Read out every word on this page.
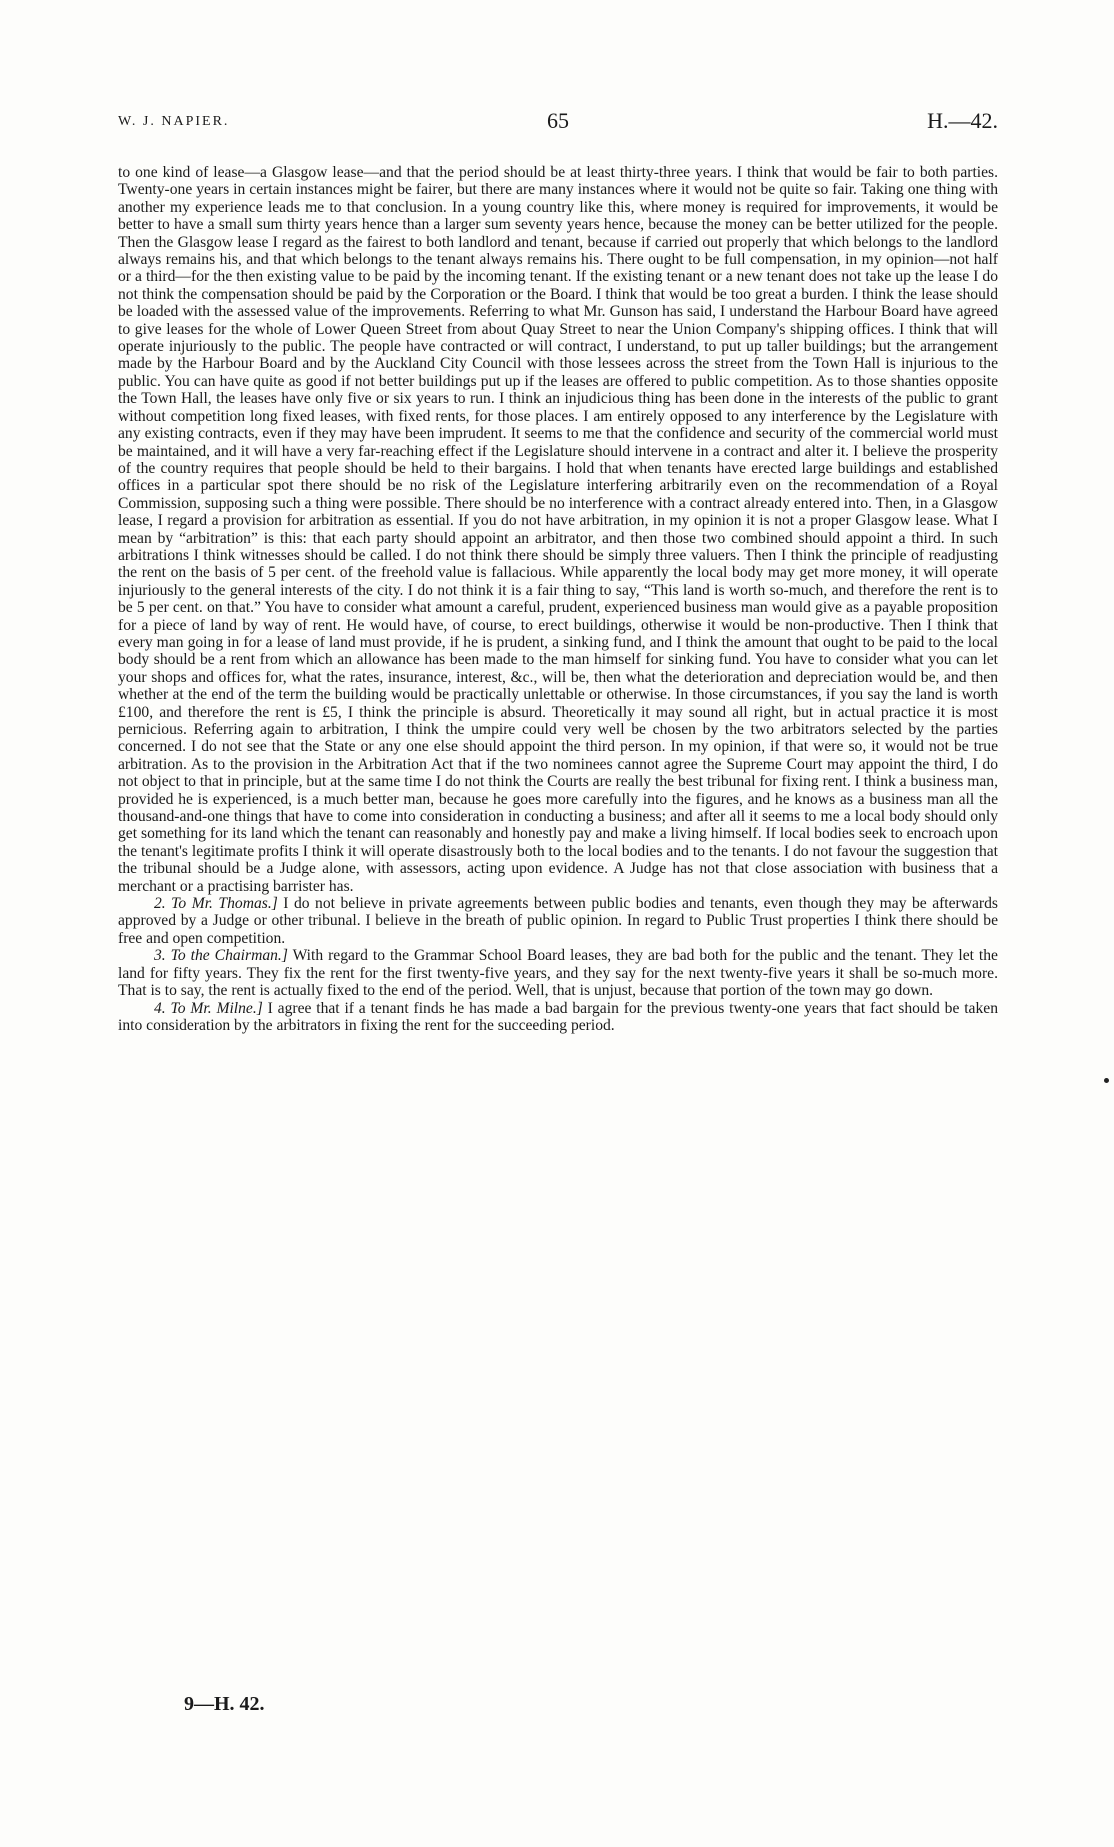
W. J. NAPIER.	65	H.—42.

to one kind of lease—a Glasgow lease—and that the period should be at least thirty-three years. I think that would be fair to both parties. Twenty-one years in certain instances might be fairer, but there are many instances where it would not be quite so fair. Taking one thing with another my experience leads me to that conclusion. In a young country like this, where money is required for improvements, it would be better to have a small sum thirty years hence than a larger sum seventy years hence, because the money can be better utilized for the people. Then the Glasgow lease I regard as the fairest to both landlord and tenant, because if carried out properly that which belongs to the landlord always remains his, and that which belongs to the tenant always remains his. There ought to be full compensation, in my opinion—not half or a third—for the then existing value to be paid by the incoming tenant. If the existing tenant or a new tenant does not take up the lease I do not think the compensation should be paid by the Corporation or the Board. I think that would be too great a burden. I think the lease should be loaded with the assessed value of the improvements. Referring to what Mr. Gunson has said, I understand the Harbour Board have agreed to give leases for the whole of Lower Queen Street from about Quay Street to near the Union Company's shipping offices. I think that will operate injuriously to the public. The people have contracted or will contract, I understand, to put up taller buildings; but the arrangement made by the Harbour Board and by the Auckland City Council with those lessees across the street from the Town Hall is injurious to the public. You can have quite as good if not better buildings put up if the leases are offered to public competition. As to those shanties opposite the Town Hall, the leases have only five or six years to run. I think an injudicious thing has been done in the interests of the public to grant without competition long fixed leases, with fixed rents, for those places. I am entirely opposed to any interference by the Legislature with any existing contracts, even if they may have been imprudent. It seems to me that the confidence and security of the commercial world must be maintained, and it will have a very far-reaching effect if the Legislature should intervene in a contract and alter it. I believe the prosperity of the country requires that people should be held to their bargains. I hold that when tenants have erected large buildings and established offices in a particular spot there should be no risk of the Legislature interfering arbitrarily even on the recommendation of a Royal Commission, supposing such a thing were possible. There should be no interference with a contract already entered into. Then, in a Glasgow lease, I regard a provision for arbitration as essential. If you do not have arbitration, in my opinion it is not a proper Glasgow lease. What I mean by “arbitration” is this: that each party should appoint an arbitrator, and then those two combined should appoint a third. In such arbitrations I think witnesses should be called. I do not think there should be simply three valuers. Then I think the principle of readjusting the rent on the basis of 5 per cent. of the freehold value is fallacious. While apparently the local body may get more money, it will operate injuriously to the general interests of the city. I do not think it is a fair thing to say, “This land is worth so-much, and therefore the rent is to be 5 per cent. on that.” You have to consider what amount a careful, prudent, experienced business man would give as a payable proposition for a piece of land by way of rent. He would have, of course, to erect buildings, otherwise it would be non-productive. Then I think that every man going in for a lease of land must provide, if he is prudent, a sinking fund, and I think the amount that ought to be paid to the local body should be a rent from which an allowance has been made to the man himself for sinking fund. You have to consider what you can let your shops and offices for, what the rates, insurance, interest, &c., will be, then what the deterioration and depreciation would be, and then whether at the end of the term the building would be practically unlettable or otherwise. In those circumstances, if you say the land is worth £100, and therefore the rent is £5, I think the principle is absurd. Theoretically it may sound all right, but in actual practice it is most pernicious. Referring again to arbitration, I think the umpire could very well be chosen by the two arbitrators selected by the parties concerned. I do not see that the State or any one else should appoint the third person. In my opinion, if that were so, it would not be true arbitration. As to the provision in the Arbitration Act that if the two nominees cannot agree the Supreme Court may appoint the third, I do not object to that in principle, but at the same time I do not think the Courts are really the best tribunal for fixing rent. I think a business man, provided he is experienced, is a much better man, because he goes more carefully into the figures, and he knows as a business man all the thousand-and-one things that have to come into consideration in conducting a business; and after all it seems to me a local body should only get something for its land which the tenant can reasonably and honestly pay and make a living himself. If local bodies seek to encroach upon the tenant's legitimate profits I think it will operate disastrously both to the local bodies and to the tenants. I do not favour the suggestion that the tribunal should be a Judge alone, with assessors, acting upon evidence. A Judge has not that close association with business that a merchant or a practising barrister has.

2. To Mr. Thomas.] I do not believe in private agreements between public bodies and tenants, even though they may be afterwards approved by a Judge or other tribunal. I believe in the breath of public opinion. In regard to Public Trust properties I think there should be free and open competition.

3. To the Chairman.] With regard to the Grammar School Board leases, they are bad both for the public and the tenant. They let the land for fifty years. They fix the rent for the first twenty-five years, and they say for the next twenty-five years it shall be so-much more. That is to say, the rent is actually fixed to the end of the period. Well, that is unjust, because that portion of the town may go down.

4. To Mr. Milne.] I agree that if a tenant finds he has made a bad bargain for the previous twenty-one years that fact should be taken into consideration by the arbitrators in fixing the rent for the succeeding period.

9—H. 42.
